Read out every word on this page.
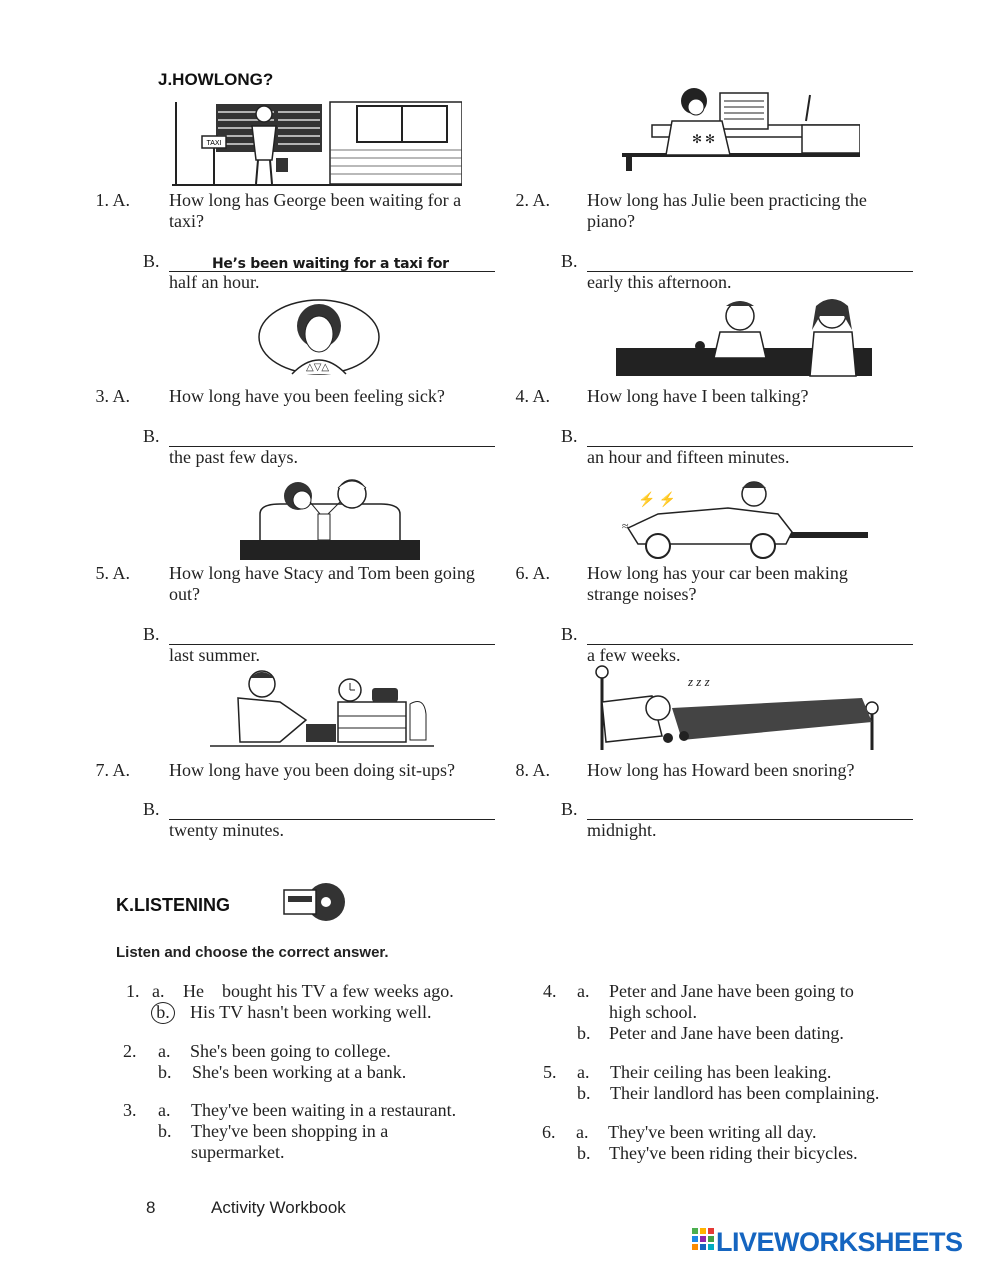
J.HOWLONG?
TAXI	✻ ✻
1. A. How long has George been waiting for a
taxi?
B.	He’s been waiting for a taxi for
half an hour.
2. A. How long has Julie been practicing the
piano?
B.
early this afternoon.
△▽△
3. A. How long have you been feeling sick?
B.
the past few days.
4. A. How long have I been talking?
B.
an hour and fifteen minutes.
⚡ ⚡
≈
5. A. How long have Stacy and Tom been going
out?
B.
last summer.
6. A. How long has your car been making
strange noises?
B.
a few weeks.
z z z
7. A. How long have you been doing sit-ups?
B.
twenty minutes.
8. A. How long has Howard been snoring?
B.
midnight.
K.LISTENING
Listen and choose the correct answer.
1. a. He    bought his TV a few weeks ago.
b. His TV hasn't been working well.
2. a. She's been going to college.
b. She's been working at a bank.
3. a. They've been waiting in a restaurant.
b. They've been shopping in a
supermarket.
4. a. Peter and Jane have been going to
high school.
b. Peter and Jane have been dating.
5. a. Their ceiling has been leaking.
b. Their landlord has been complaining.
6. a. They've been writing all day.
b. They've been riding their bicycles.
8	Activity Workbook
LIVEWORKSHEETS
